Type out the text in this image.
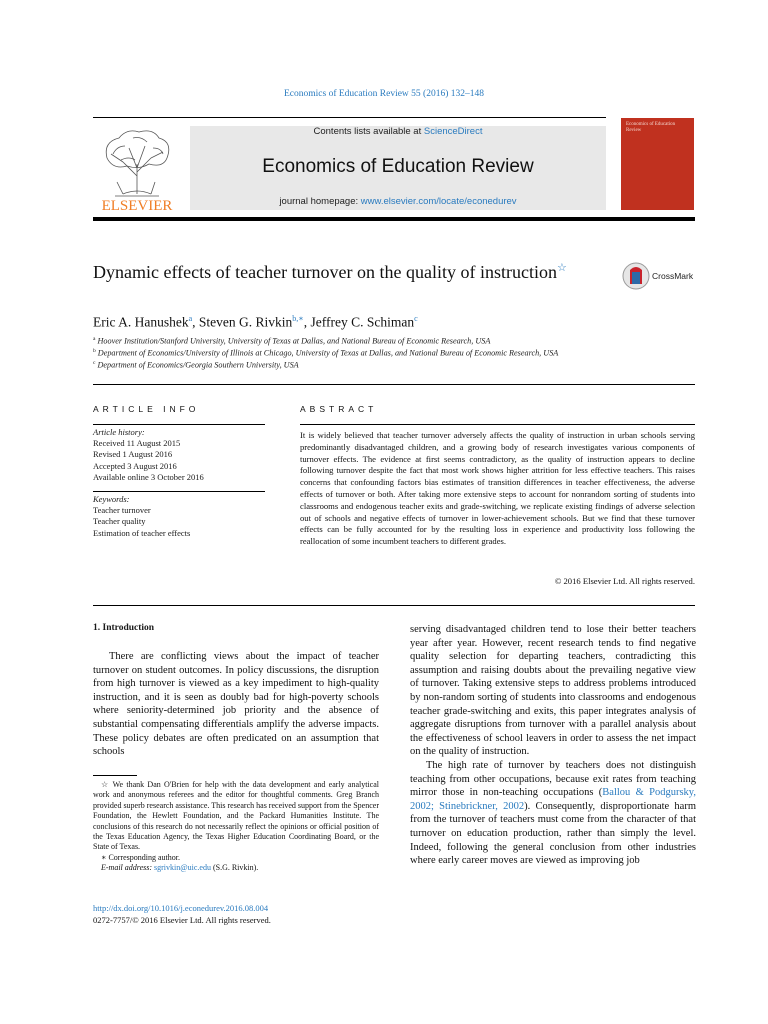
Economics of Education Review 55 (2016) 132–148
ELSEVIER
Contents lists available at ScienceDirect
Economics of Education Review
journal homepage: www.elsevier.com/locate/econedurev
Economics of Education Review
Dynamic effects of teacher turnover on the quality of instruction☆
CrossMark
Eric A. Hanushek$^a$, Steven G. Rivkin$^{b,∗}$, Jeffrey C. Schiman$^c$
$^a$ Hoover Institution/Stanford University, University of Texas at Dallas, and National Bureau of Economic Research, USA
$^b$ Department of Economics/University of Illinois at Chicago, University of Texas at Dallas, and National Bureau of Economic Research, USA
$^c$ Department of Economics/Georgia Southern University, USA
ARTICLE INFO
Article history:
Received 11 August 2015
Revised 1 August 2016
Accepted 3 August 2016
Available online 3 October 2016
Keywords:
Teacher turnover
Teacher quality
Estimation of teacher effects
ABSTRACT
It is widely believed that teacher turnover adversely affects the quality of instruction in urban schools serving predominantly disadvantaged children, and a growing body of research investigates various components of turnover effects. The evidence at first seems contradictory, as the quality of instruction appears to decline following turnover despite the fact that most work shows higher attrition for less effective teachers. This raises concerns that confounding factors bias estimates of transition differences in teacher effectiveness, the adverse effects of turnover or both. After taking more extensive steps to account for nonrandom sorting of students into classrooms and endogenous teacher exits and grade-switching, we replicate existing findings of adverse selection out of schools and negative effects of turnover in lower-achievement schools. But we find that these turnover effects can be fully accounted for by the resulting loss in experience and productivity loss following the reallocation of some incumbent teachers to different grades.
© 2016 Elsevier Ltd. All rights reserved.
1. Introduction
There are conflicting views about the impact of teacher turnover on student outcomes. In policy discussions, the disruption from high turnover is viewed as a key impediment to high-quality instruction, and it is seen as doubly bad for high-poverty schools where seniority-determined job priority and the absence of substantial compensating differentials amplify the adverse impacts. These policy debates are often predicated on an assumption that schools

serving disadvantaged children tend to lose their better teachers year after year. However, recent research tends to find negative quality selection for departing teachers, contradicting this assumption and raising doubts about the prevailing negative view of turnover. Taking extensive steps to address problems introduced by non-random sorting of students into classrooms and endogenous teacher grade-switching and exits, this paper integrates analysis of aggregate disruptions from turnover with a parallel analysis about the effectiveness of school leavers in order to assess the net impact on the quality of instruction.

The high rate of turnover by teachers does not distinguish teaching from other occupations, because exit rates from teaching mirror those in non-teaching occupations (Ballou & Podgursky, 2002; Stinebrickner, 2002). Consequently, disproportionate harm from the turnover of teachers must come from the character of that turnover on education production, rather than simply the level. Indeed, following the general conclusion from other industries where early career moves are viewed as improving job

☆ We thank Dan O'Brien for help with the data development and early analytical work and anonymous referees and the editor for thoughtful comments. Greg Branch provided superb research assistance. This research has received support from the Spencer Foundation, the Hewlett Foundation, and the Packard Humanities Institute. The conclusions of this research do not necessarily reflect the opinions or official position of the Texas Education Agency, the Texas Higher Education Coordinating Board, or the State of Texas.

∗ Corresponding author.

E-mail address: sgrivkin@uic.edu (S.G. Rivkin).

http://dx.doi.org/10.1016/j.econedurev.2016.08.004
0272-7757/© 2016 Elsevier Ltd. All rights reserved.
